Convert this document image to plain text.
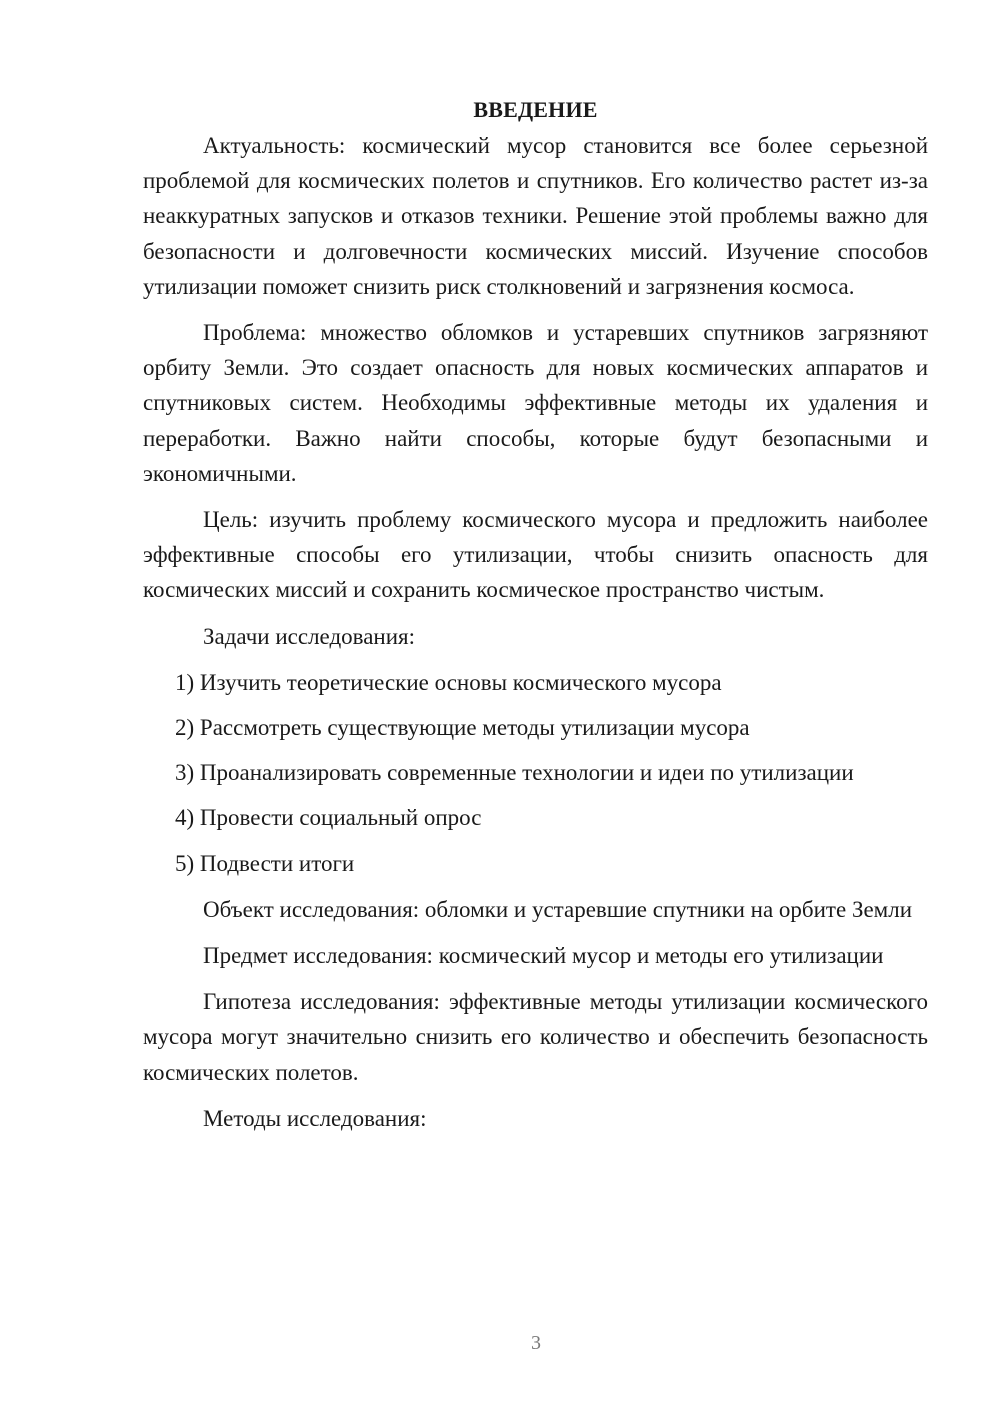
ВВЕДЕНИЕ

Актуальность: космический мусор становится все более серьезной проблемой для космических полетов и спутников. Его количество растет из-за неаккуратных запусков и отказов техники. Решение этой проблемы важно для безопасности и долговечности космических миссий. Изучение способов утилизации поможет снизить риск столкновений и загрязнения космоса.

Проблема: множество обломков и устаревших спутников загрязняют орбиту Земли. Это создает опасность для новых космических аппаратов и спутниковых систем. Необходимы эффективные методы их удаления и переработки. Важно найти способы, которые будут безопасными и экономичными.

Цель: изучить проблему космического мусора и предложить наиболее эффективные способы его утилизации, чтобы снизить опасность для космических миссий и сохранить космическое пространство чистым.

Задачи исследования:

1) Изучить теоретические основы космического мусора
2) Рассмотреть существующие методы утилизации мусора
3) Проанализировать современные технологии и идеи по утилизации
4) Провести социальный опрос
5) Подвести итоги

Объект исследования: обломки и устаревшие спутники на орбите Земли

Предмет исследования: космический мусор и методы его утилизации

Гипотеза исследования: эффективные методы утилизации космического мусора могут значительно снизить его количество и обеспечить безопасность космических полетов.

Методы исследования:

3
